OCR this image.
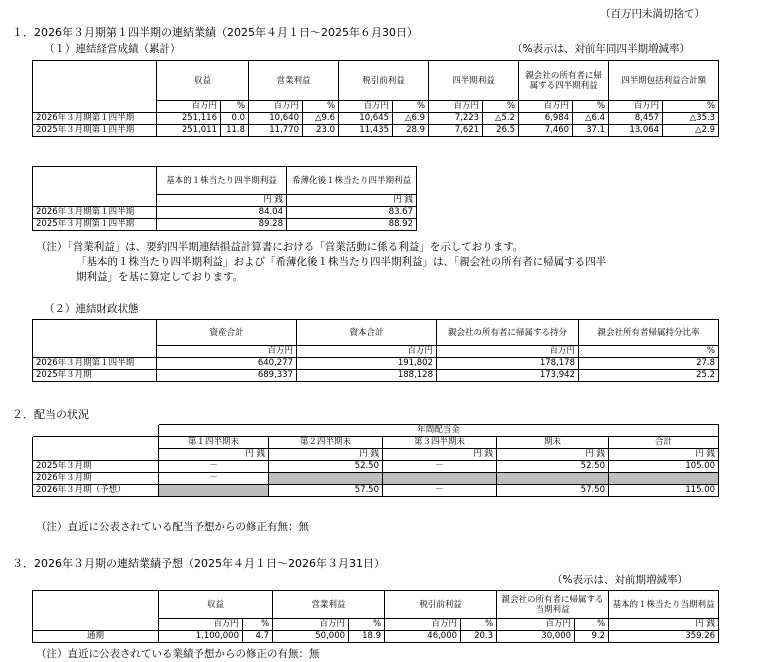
（百万円未満切捨て）
１．2026年３月期第１四半期の連結業績（2025年４月１日～2025年６月30日）
（１）連結経営成績（累計）	（%表示は、対前年同四半期増減率）
	収益		営業利益		税引前利益		四半期利益		親会社の所有者に帰属する四半期利益		四半期包括利益合計額	
	百万円	%	百万円	%	百万円	%	百万円	%	百万円	%	百万円	%
2026年３月期第１四半期	251,116	0.0	10,640	△9.6	10,645	△6.9	7,223	△5.2	6,984	△6.4	8,457	△35.3
2025年３月期第１四半期	251,011	11.8	11,770	23.0	11,435	28.9	7,621	26.5	7,460	37.1	13,064	△2.9
	基本的１株当たり四半期利益	希薄化後１株当たり四半期利益
	円 銭	円 銭
2026年３月期第１四半期	84.04	83.67
2025年３月期第１四半期	89.28	88.92
（注）「営業利益」は、要約四半期連結損益計算書における「営業活動に係る利益」を示しております。
「基本的１株当たり四半期利益」および「希薄化後１株当たり四半期利益」は、「親会社の所有者に帰属する四半
期利益」を基に算定しております。
（２）連結財政状態
	資産合計	資本合計	親会社の所有者に帰属する持分	親会社所有者帰属持分比率
	百万円	百万円	百万円	%
2026年３月期第１四半期	640,277	191,802	178,178	27.8
2025年３月期	689,337	188,128	173,942	25.2
２．配当の状況
	年間配当金				
	第１四半期末	第２四半期末	第３四半期末	期末	合計
	円 銭	円 銭	円 銭	円 銭	円 銭
2025年３月期	－	52.50	－	52.50	105.00
2026年３月期	－				
2026年３月期（予想）		57.50	－	57.50	115.00
（注）直近に公表されている配当予想からの修正有無：無
３．2026年３月期の連結業績予想（2025年４月１日～2026年３月31日）
（%表示は、対前期増減率）
	収益		営業利益		税引前利益		親会社の所有者に帰属する当期利益		基本的１株当たり当期利益
	百万円	%	百万円	%	百万円	%	百万円	%	円 銭
通期	1,100,000	4.7	50,000	18.9	46,000	20.3	30,000	9.2	359.26
（注）直近に公表されている業績予想からの修正の有無：無
